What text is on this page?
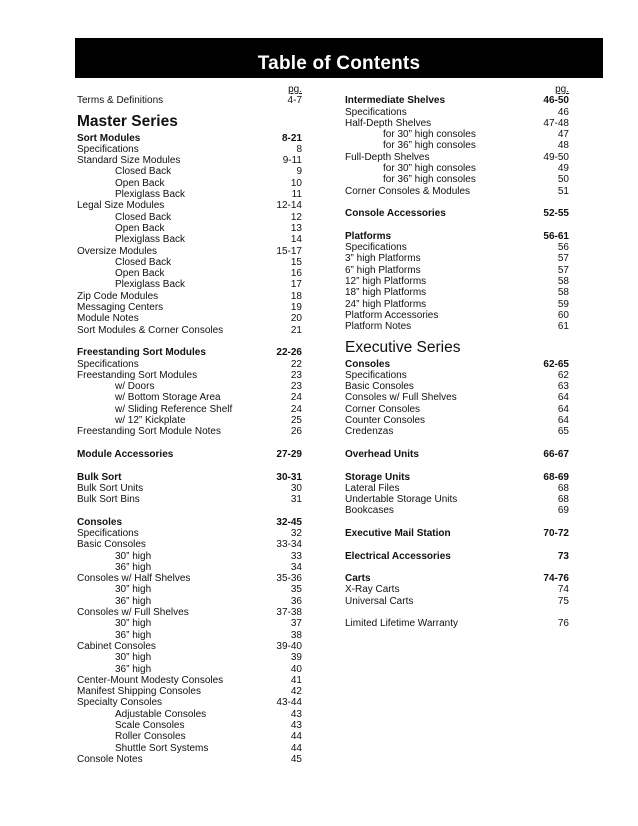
Table of Contents
pg.
Terms & Definitions	4-7
Master Series
Sort Modules	8-21
Specifications	8
Standard Size Modules	9-11
Closed Back	9
Open Back	10
Plexiglass Back	11
Legal Size Modules	12-14
Closed Back	12
Open Back	13
Plexiglass Back	14
Oversize Modules	15-17
Closed Back	15
Open Back	16
Plexiglass Back	17
Zip Code Modules	18
Messaging Centers	19
Module Notes	20
Sort Modules & Corner Consoles	21
Freestanding Sort Modules	22-26
Specifications	22
Freestanding Sort Modules	23
w/ Doors	23
w/ Bottom Storage Area	24
w/ Sliding Reference Shelf	24
w/ 12” Kickplate	25
Freestanding Sort Module Notes	26
Module Accessories	27-29
Bulk Sort	30-31
Bulk Sort Units	30
Bulk Sort Bins	31
Consoles	32-45
Specifications	32
Basic Consoles	33-34
30” high	33
36” high	34
Consoles w/ Half Shelves	35-36
30” high	35
36” high	36
Consoles w/ Full Shelves	37-38
30” high	37
36” high	38
Cabinet Consoles	39-40
30” high	39
36” high	40
Center-Mount Modesty Consoles	41
Manifest Shipping Consoles	42
Specialty Consoles	43-44
Adjustable Consoles	43
Scale Consoles	43
Roller Consoles	44
Shuttle Sort Systems	44
Console Notes	45
pg.
Intermediate Shelves	46-50
Specifications	46
Half-Depth Shelves	47-48
for 30” high consoles	47
for 36” high consoles	48
Full-Depth Shelves	49-50
for 30” high consoles	49
for 36” high consoles	50
Corner Consoles & Modules	51
Console Accessories	52-55
Platforms	56-61
Specifications	56
3” high Platforms	57
6” high Platforms	57
12” high Platforms	58
18” high Platforms	58
24” high Platforms	59
Platform Accessories	60
Platform Notes	61
Executive Series
Consoles	62-65
Specifications	62
Basic Consoles	63
Consoles w/ Full Shelves	64
Corner Consoles	64
Counter Consoles	64
Credenzas	65
Overhead Units	66-67
Storage Units	68-69
Lateral Files	68
Undertable Storage Units	68
Bookcases	69
Executive Mail Station	70-72
Electrical Accessories	73
Carts	74-76
X-Ray Carts	74
Universal Carts	75
Limited Lifetime Warranty	76
